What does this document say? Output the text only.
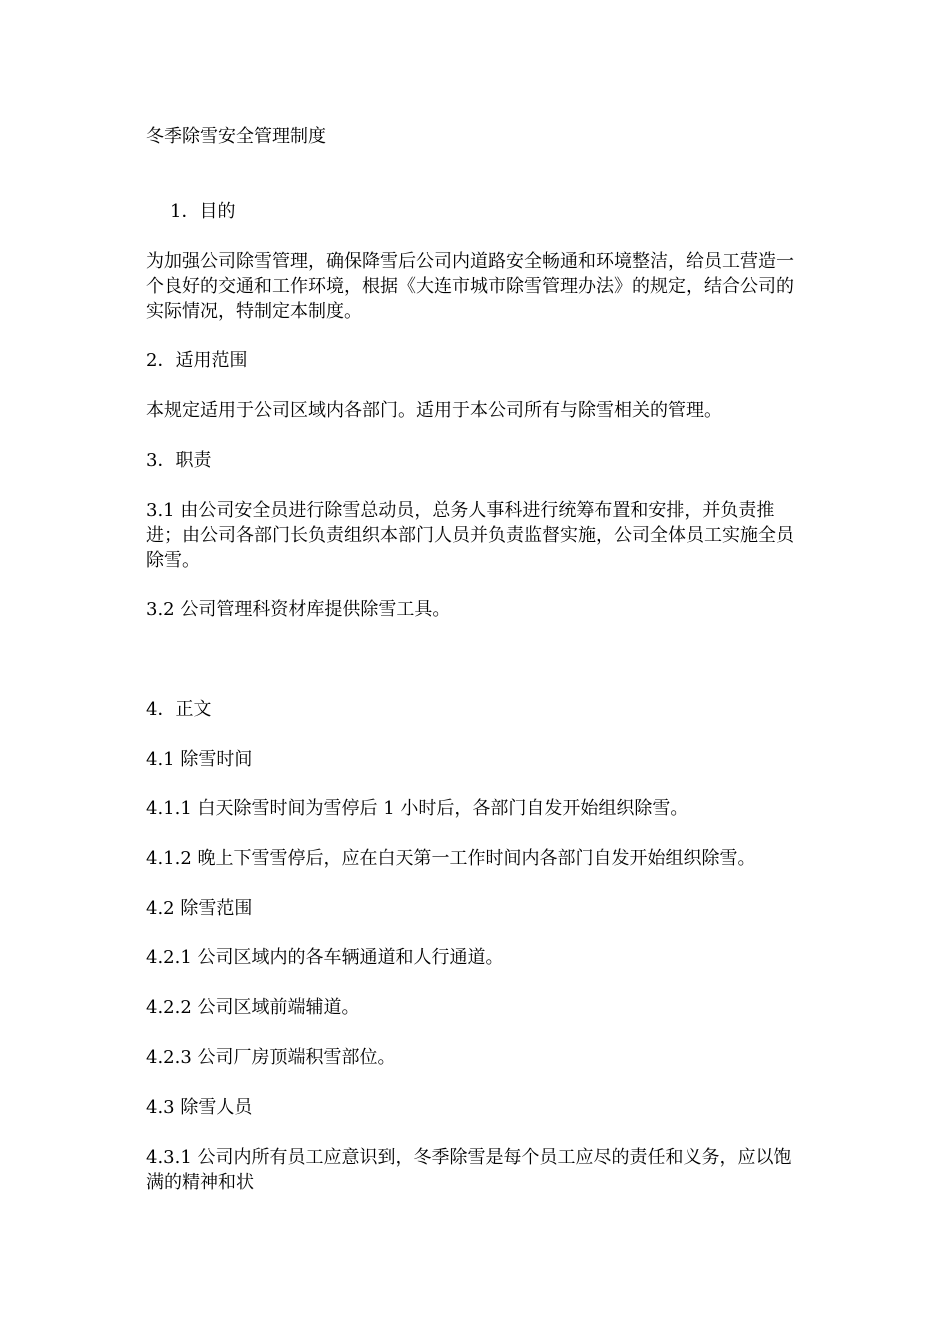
冬季除雪安全管理制度
1．目的
为加强公司除雪管理，确保降雪后公司内道路安全畅通和环境整洁，给员工营造一个良好的交通和工作环境，根据《大连市城市除雪管理办法》的规定，结合公司的实际情况，特制定本制度。
2．适用范围
本规定适用于公司区域内各部门。适用于本公司所有与除雪相关的管理。
3．职责
3.1 由公司安全员进行除雪总动员，总务人事科进行统筹布置和安排，并负责推进；由公司各部门长负责组织本部门人员并负责监督实施，公司全体员工实施全员除雪。
3.2 公司管理科资材库提供除雪工具。
4．正文
4.1 除雪时间
4.1.1 白天除雪时间为雪停后 1 小时后，各部门自发开始组织除雪。
4.1.2 晚上下雪雪停后，应在白天第一工作时间内各部门自发开始组织除雪。
4.2 除雪范围
4.2.1 公司区域内的各车辆通道和人行通道。
4.2.2 公司区域前端辅道。
4.2.3 公司厂房顶端积雪部位。
4.3 除雪人员
4.3.1 公司内所有员工应意识到，冬季除雪是每个员工应尽的责任和义务，应以饱满的精神和状
